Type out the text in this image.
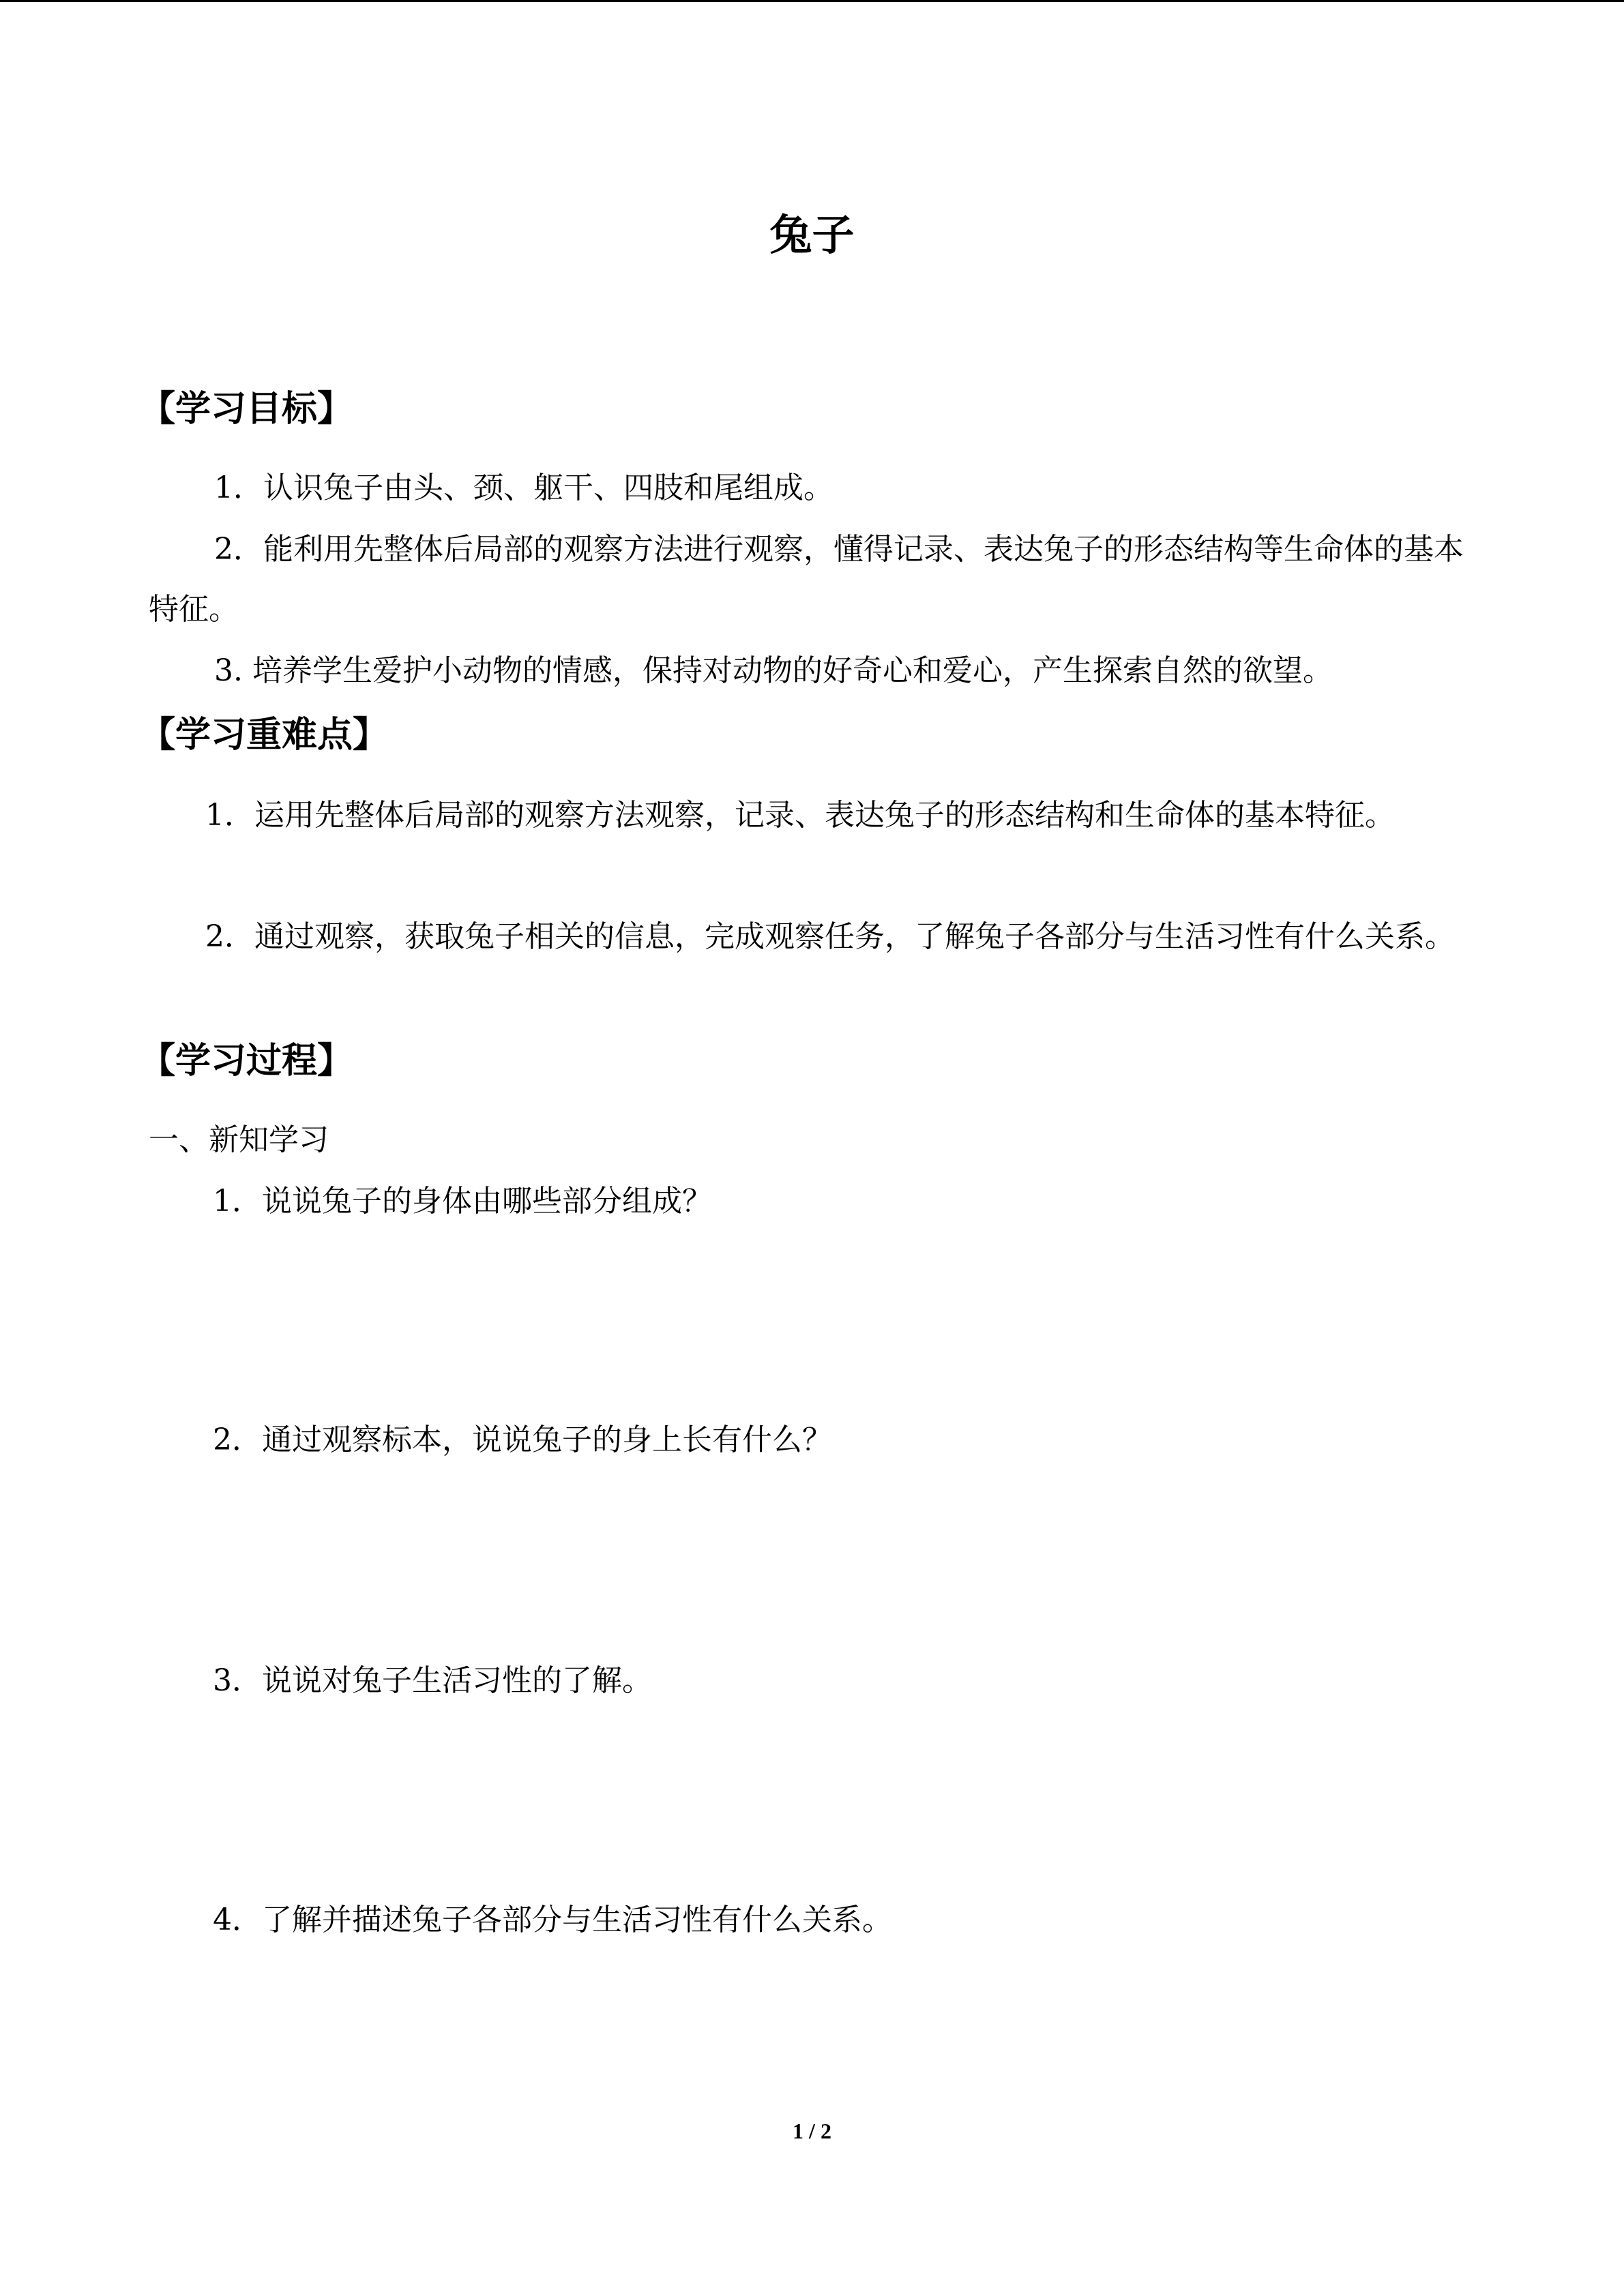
兔子
【学习目标】

1．认识兔子由头、颈、躯干、四肢和尾组成。

2．能利用先整体后局部的观察方法进行观察，懂得记录、表达兔子的形态结构等生命体的基本特征。

3. 培养学生爱护小动物的情感，保持对动物的好奇心和爱心，产生探索自然的欲望。

【学习重难点】

1．运用先整体后局部的观察方法观察，记录、表达兔子的形态结构和生命体的基本特征。

2．通过观察，获取兔子相关的信息，完成观察任务，了解兔子各部分与生活习性有什么关系。

【学习过程】
一、新知学习
1．说说兔子的身体由哪些部分组成？
2．通过观察标本，说说兔子的身上长有什么？
3．说说对兔子生活习性的了解。
4．了解并描述兔子各部分与生活习性有什么关系。
1 / 2
